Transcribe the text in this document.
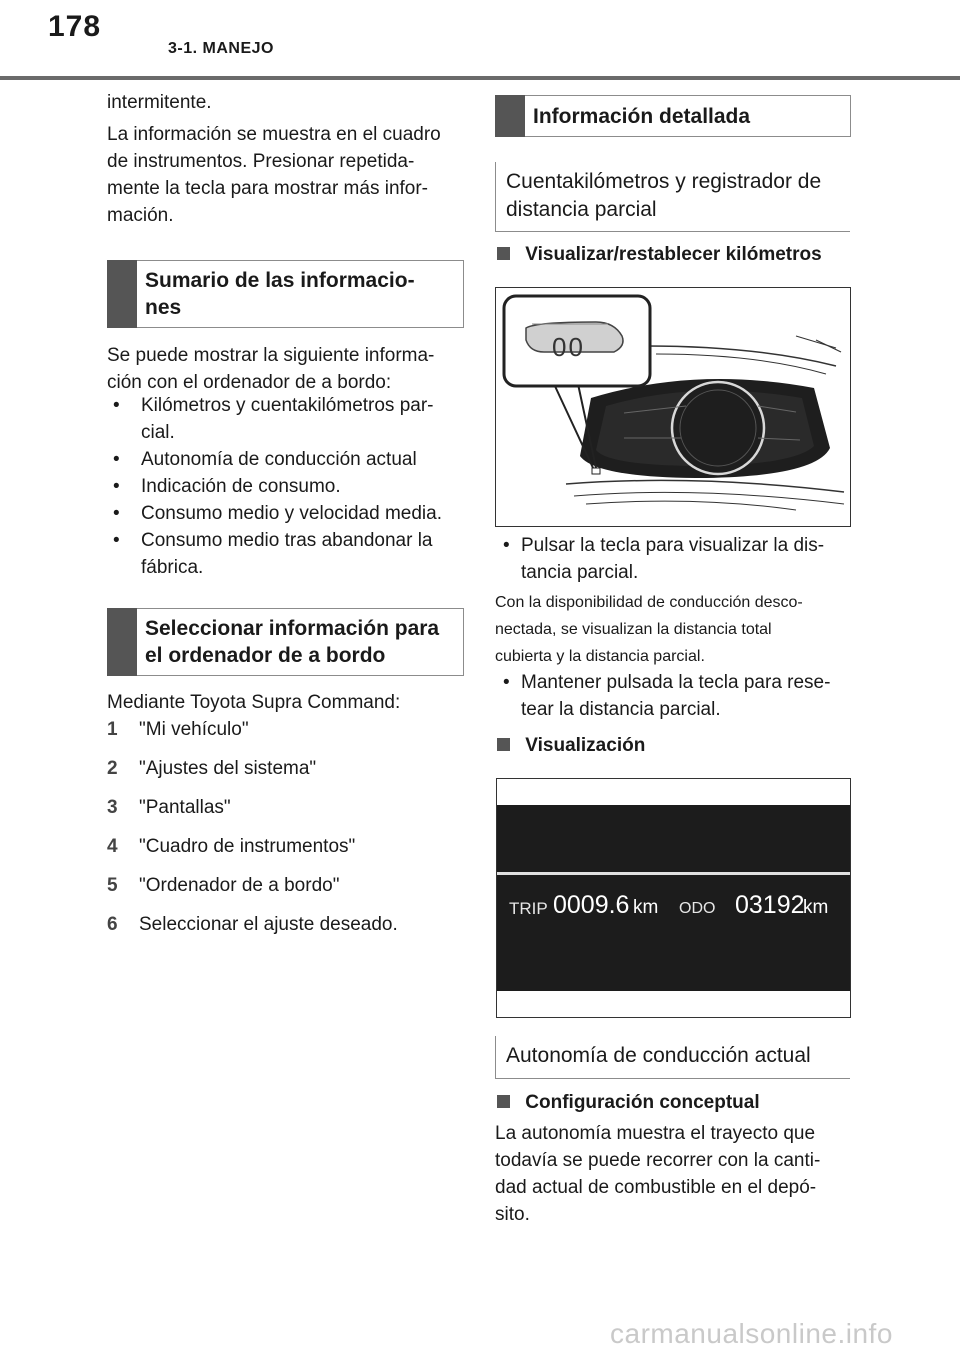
178
3-1. MANEJO
intermitente.
La información se muestra en el cuadro
de instrumentos. Presionar repetida-
mente la tecla para mostrar más infor-
mación.
Sumario de las informacio-
nes
Se puede mostrar la siguiente informa-
ción con el ordenador de a bordo:
• Kilómetros y cuentakilómetros par-
cial.
• Autonomía de conducción actual
• Indicación de consumo.
• Consumo medio y velocidad media.
• Consumo medio tras abandonar la
fábrica.
Seleccionar información para
el ordenador de a bordo
Mediante Toyota Supra Command:
1 "Mi vehículo"
2 "Ajustes del sistema"
3 "Pantallas"
4 "Cuadro de instrumentos"
5 "Ordenador de a bordo"
6 Seleccionar el ajuste deseado.
Información detallada
Cuentakilómetros y registrador de
distancia parcial
Visualizar/restablecer kilómetros
00
• Pulsar la tecla para visualizar la dis-
tancia parcial.
Con la disponibilidad de conducción desco-
nectada, se visualizan la distancia total
cubierta y la distancia parcial.
• Mantener pulsada la tecla para rese-
tear la distancia parcial.
Visualización
TRIP 0009.6 km ODO 03192
km
Autonomía de conducción actual
Configuración conceptual
La autonomía muestra el trayecto que
todavía se puede recorrer con la canti-
dad actual de combustible en el depó-
sito.
carmanualsonline.info
